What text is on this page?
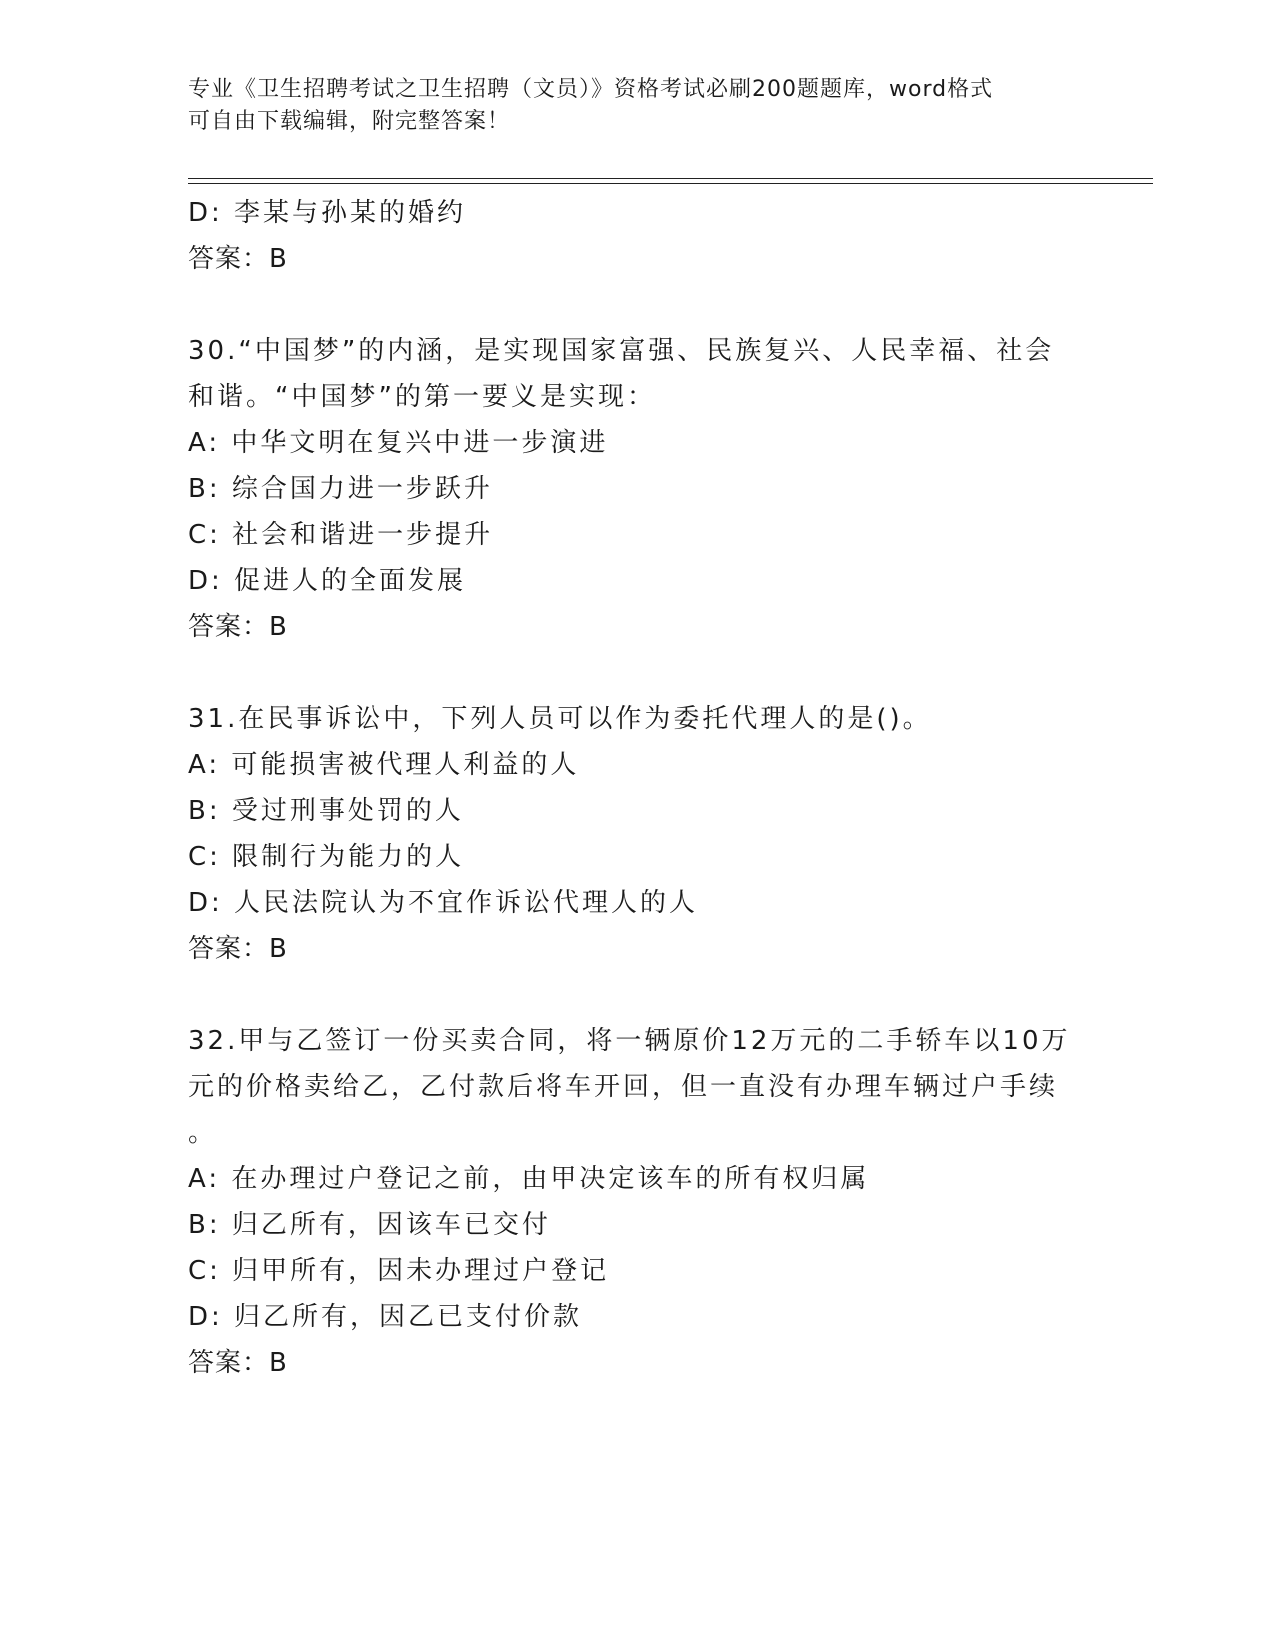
专业《卫生招聘考试之卫生招聘（文员）》资格考试必刷200题题库，word格式
可自由下载编辑，附完整答案！
D: 李某与孙某的婚约
答案：B
30.“中国梦”的内涵，是实现国家富强、民族复兴、人民幸福、社会
和谐。“中国梦”的第一要义是实现：
A: 中华文明在复兴中进一步演进
B: 综合国力进一步跃升
C: 社会和谐进一步提升
D: 促进人的全面发展
答案：B
31.在民事诉讼中，下列人员可以作为委托代理人的是()。
A: 可能损害被代理人利益的人
B: 受过刑事处罚的人
C: 限制行为能力的人
D: 人民法院认为不宜作诉讼代理人的人
答案：B
32.甲与乙签订一份买卖合同，将一辆原价12万元的二手轿车以10万
元的价格卖给乙，乙付款后将车开回，但一直没有办理车辆过户手续
。
A: 在办理过户登记之前，由甲决定该车的所有权归属
B: 归乙所有，因该车已交付
C: 归甲所有，因未办理过户登记
D: 归乙所有，因乙已支付价款
答案：B
